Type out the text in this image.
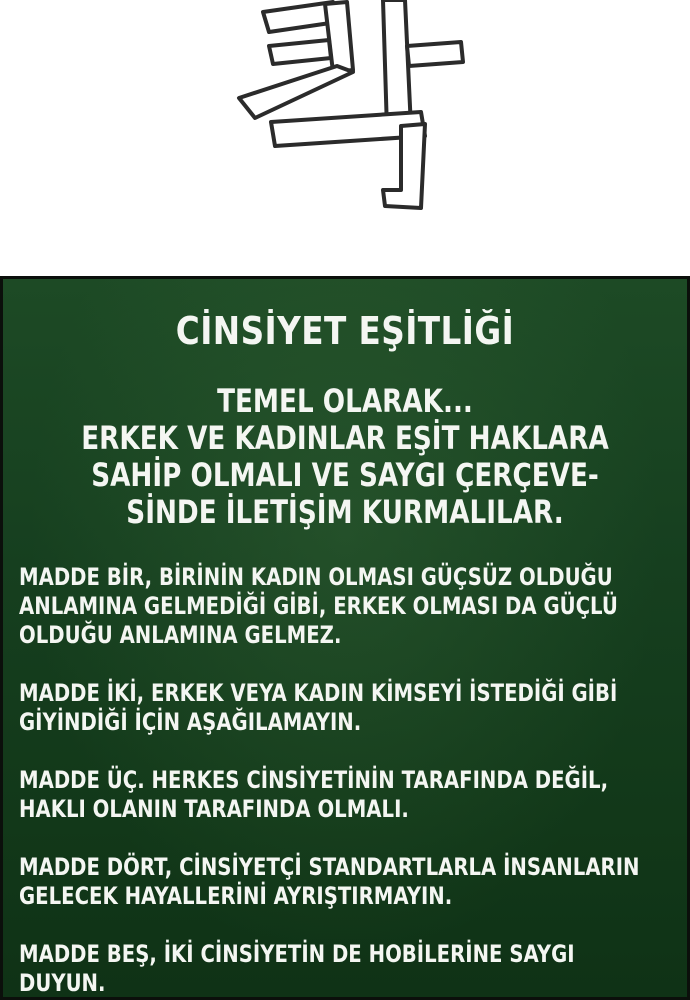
CİNSİYET EŞİTLİĞİ
TEMEL OLARAK...
ERKEK VE KADINLAR EŞİT HAKLARA
SAHİP OLMALI VE SAYGI ÇERÇEVE-
SİNDE İLETİŞİM KURMALILAR.
MADDE BİR, BİRİNİN KADIN OLMASI GÜÇSÜZ OLDUĞU
ANLAMINA GELMEDİĞİ GİBİ, ERKEK OLMASI DA GÜÇLÜ
OLDUĞU ANLAMINA GELMEZ.
MADDE İKİ, ERKEK VEYA KADIN KİMSEYİ İSTEDİĞİ GİBİ
GİYİNDİĞİ İÇİN AŞAĞILAMAYIN.
MADDE ÜÇ. HERKES CİNSİYETİNİN TARAFINDA DEĞİL,
HAKLI OLANIN TARAFINDA OLMALI.
MADDE DÖRT, CİNSİYETÇİ STANDARTLARLA İNSANLARIN
GELECEK HAYALLERİNİ AYRIŞTIRMAYIN.
MADDE BEŞ, İKİ CİNSİYETİN DE HOBİLERİNE SAYGI
DUYUN.
